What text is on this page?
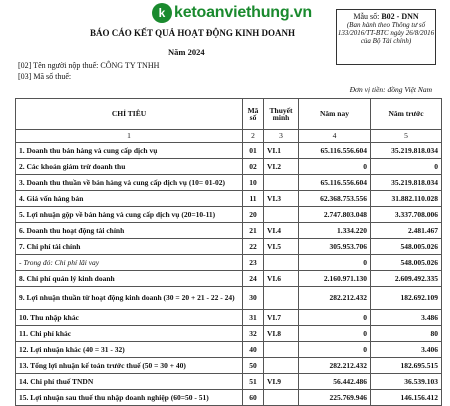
k ketoanviethung.vn	Mẫu số: B02 - DNN
(Ban hành theo Thông tư số 133/2016/TT-BTC ngày 26/8/2016 của Bộ Tài chính)
BÁO CÁO KẾT QUẢ HOẠT ĐỘNG KINH DOANH
Năm 2024
[02] Tên người nộp thuế: CÔNG TY TNHH
[03] Mã số thuế:
Đơn vị tiền: đồng Việt Nam
CHỈ TIÊU	Mã số	Thuyết minh	Năm nay	Năm trước
1	2	3	4	5
1. Doanh thu bán hàng và cung cấp dịch vụ	01	VI.1	65.116.556.604	35.219.818.034
2. Các khoản giảm trừ doanh thu	02	VI.2	0	0
3. Doanh thu thuần về bán hàng và cung cấp dịch vụ (10= 01-02)	10		65.116.556.604	35.219.818.034
4. Giá vốn hàng bán	11	VI.3	62.368.753.556	31.882.110.028
5. Lợi nhuận gộp về bán hàng và cung cấp dịch vụ (20=10-11)	20		2.747.803.048	3.337.708.006
6. Doanh thu hoạt động tài chính	21	VI.4	1.334.220	2.481.467
7. Chi phí tài chính	22	VI.5	305.953.706	548.005.026
- Trong đó: Chi phí lãi vay	23		0	548.005.026
8. Chi phí quản lý kinh doanh	24	VI.6	2.160.971.130	2.609.492.335
9. Lợi nhuận thuần từ hoạt động kinh doanh (30 = 20 + 21 - 22 - 24)	30		282.212.432	182.692.109
10. Thu nhập khác	31	VI.7	0	3.486
11. Chi phí khác	32	VI.8	0	80
12. Lợi nhuận khác (40 = 31 - 32)	40		0	3.406
13. Tổng lợi nhuận kế toán trước thuế (50 = 30 + 40)	50		282.212.432	182.695.515
14. Chi phí thuế TNDN	51	VI.9	56.442.486	36.539.103
15. Lợi nhuận sau thuế thu nhập doanh nghiệp (60=50 - 51)	60		225.769.946	146.156.412
